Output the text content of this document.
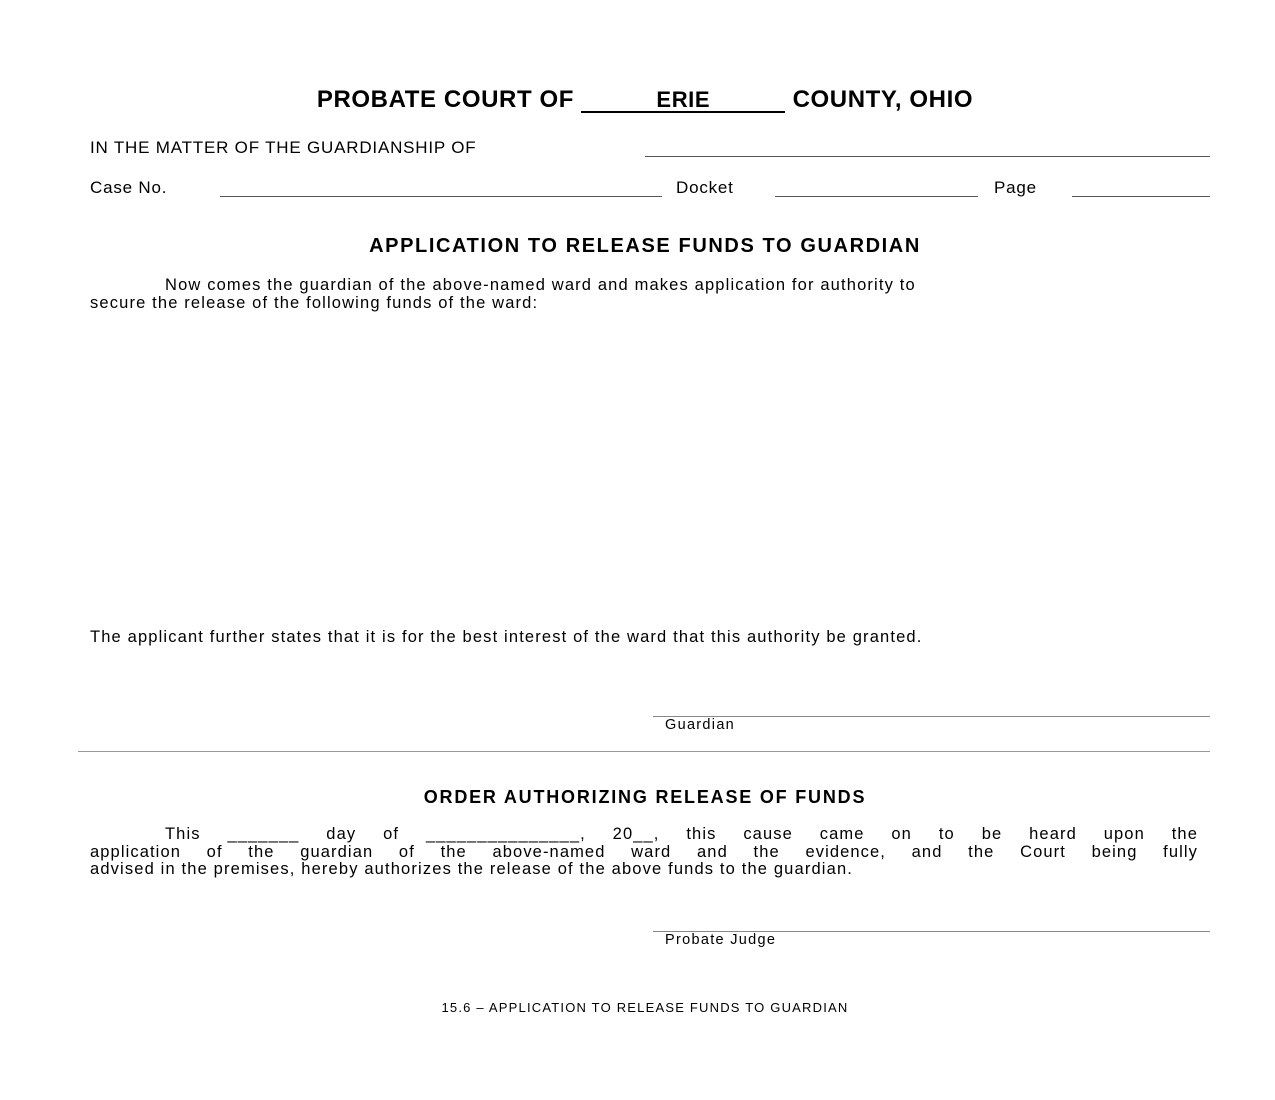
PROBATE COURT OF	ERIE	COUNTY, OHIO
IN THE MATTER OF THE GUARDIANSHIP OF
Case No.	Docket	Page
APPLICATION TO RELEASE FUNDS TO GUARDIAN
Now comes the guardian of the above-named ward and makes application for authority to
secure the release of the following funds of the ward:
The applicant further states that it is for the best interest of the ward that this authority be granted.
Guardian
ORDER AUTHORIZING RELEASE OF FUNDS
This _______ day of _______________, 20__, this cause came on to be heard upon the
application of the guardian of the above-named ward and the evidence, and the Court being fully
advised in the premises, hereby authorizes the release of the above funds to the guardian.
Probate Judge
15.6 – APPLICATION TO RELEASE FUNDS TO GUARDIAN
